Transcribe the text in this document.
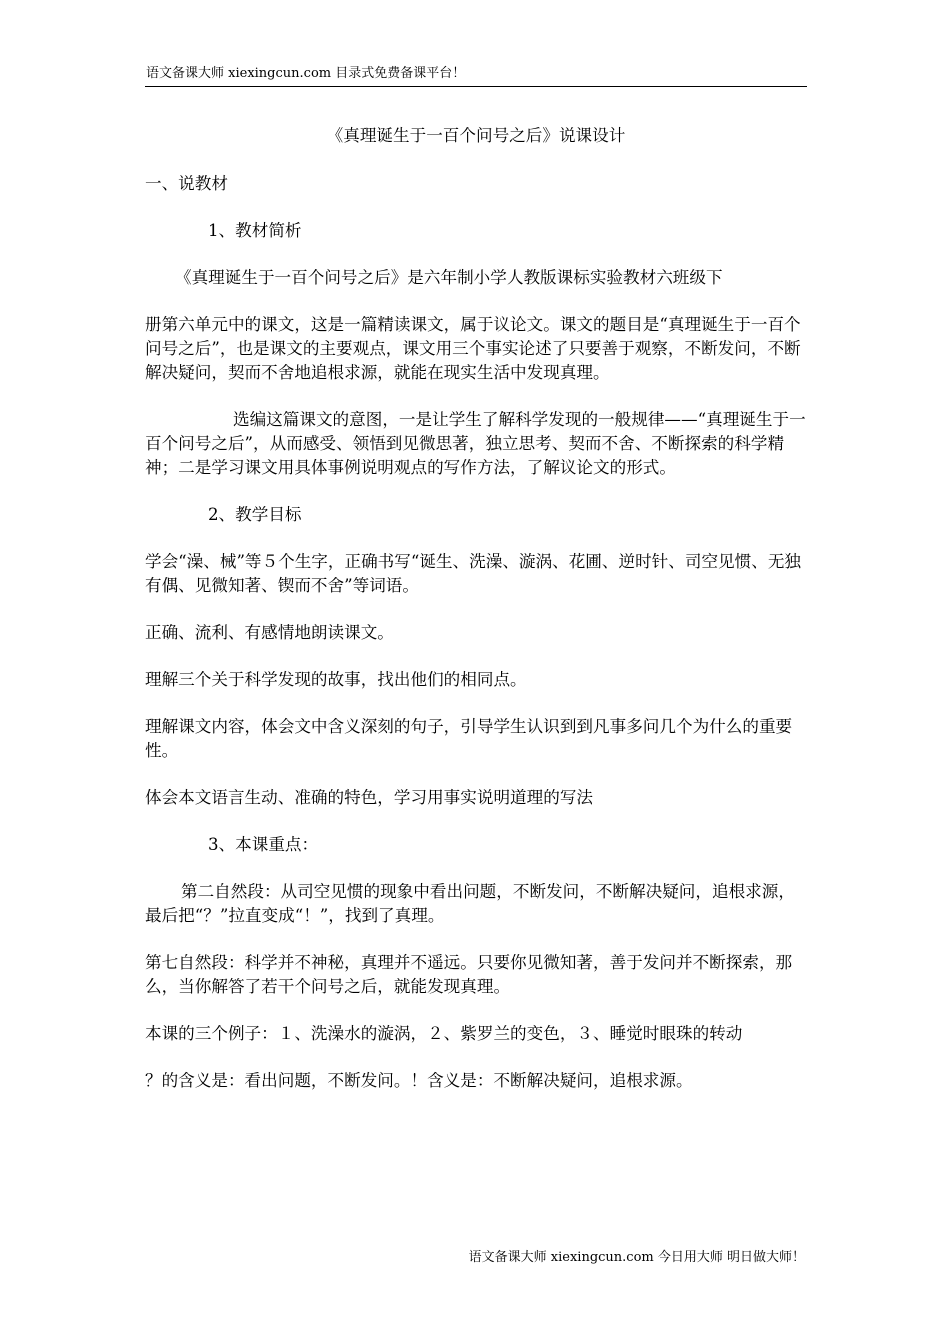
语文备课大师 xiexingcun.com 目录式免费备课平台！

《真理诞生于一百个问号之后》说课设计

一、说教材

1、教材简析

《真理诞生于一百个问号之后》是六年制小学人教版课标实验教材六班级下

册第六单元中的课文，这是一篇精读课文，属于议论文。课文的题目是“真理诞生于一百个问号之后”，也是课文的主要观点，课文用三个事实论述了只要善于观察，不断发问，不断解决疑问，契而不舍地追根求源，就能在现实生活中发现真理。

选编这篇课文的意图，一是让学生了解科学发现的一般规律——“真理诞生于一百个问号之后”，从而感受、领悟到见微思著，独立思考、契而不舍、不断探索的科学精神；二是学习课文用具体事例说明观点的写作方法，了解议论文的形式。

2、教学目标

学会“澡、械”等５个生字，正确书写“诞生、洗澡、漩涡、花圃、逆时针、司空见惯、无独有偶、见微知著、锲而不舍”等词语。

正确、流利、有感情地朗读课文。

理解三个关于科学发现的故事，找出他们的相同点。

理解课文内容，体会文中含义深刻的句子，引导学生认识到到凡事多问几个为什么的重要性。

体会本文语言生动、准确的特色，学习用事实说明道理的写法

3、本课重点：

第二自然段：从司空见惯的现象中看出问题，不断发问，不断解决疑问，追根求源，最后把“？”拉直变成“！”，找到了真理。

第七自然段：科学并不神秘，真理并不遥远。只要你见微知著，善于发问并不断探索，那么，当你解答了若干个问号之后，就能发现真理。

本课的三个例子：１、洗澡水的漩涡，２、紫罗兰的变色，３、睡觉时眼珠的转动

？的含义是：看出问题，不断发问。！含义是：不断解决疑问，追根求源。

语文备课大师 xiexingcun.com 今日用大师 明日做大师！
